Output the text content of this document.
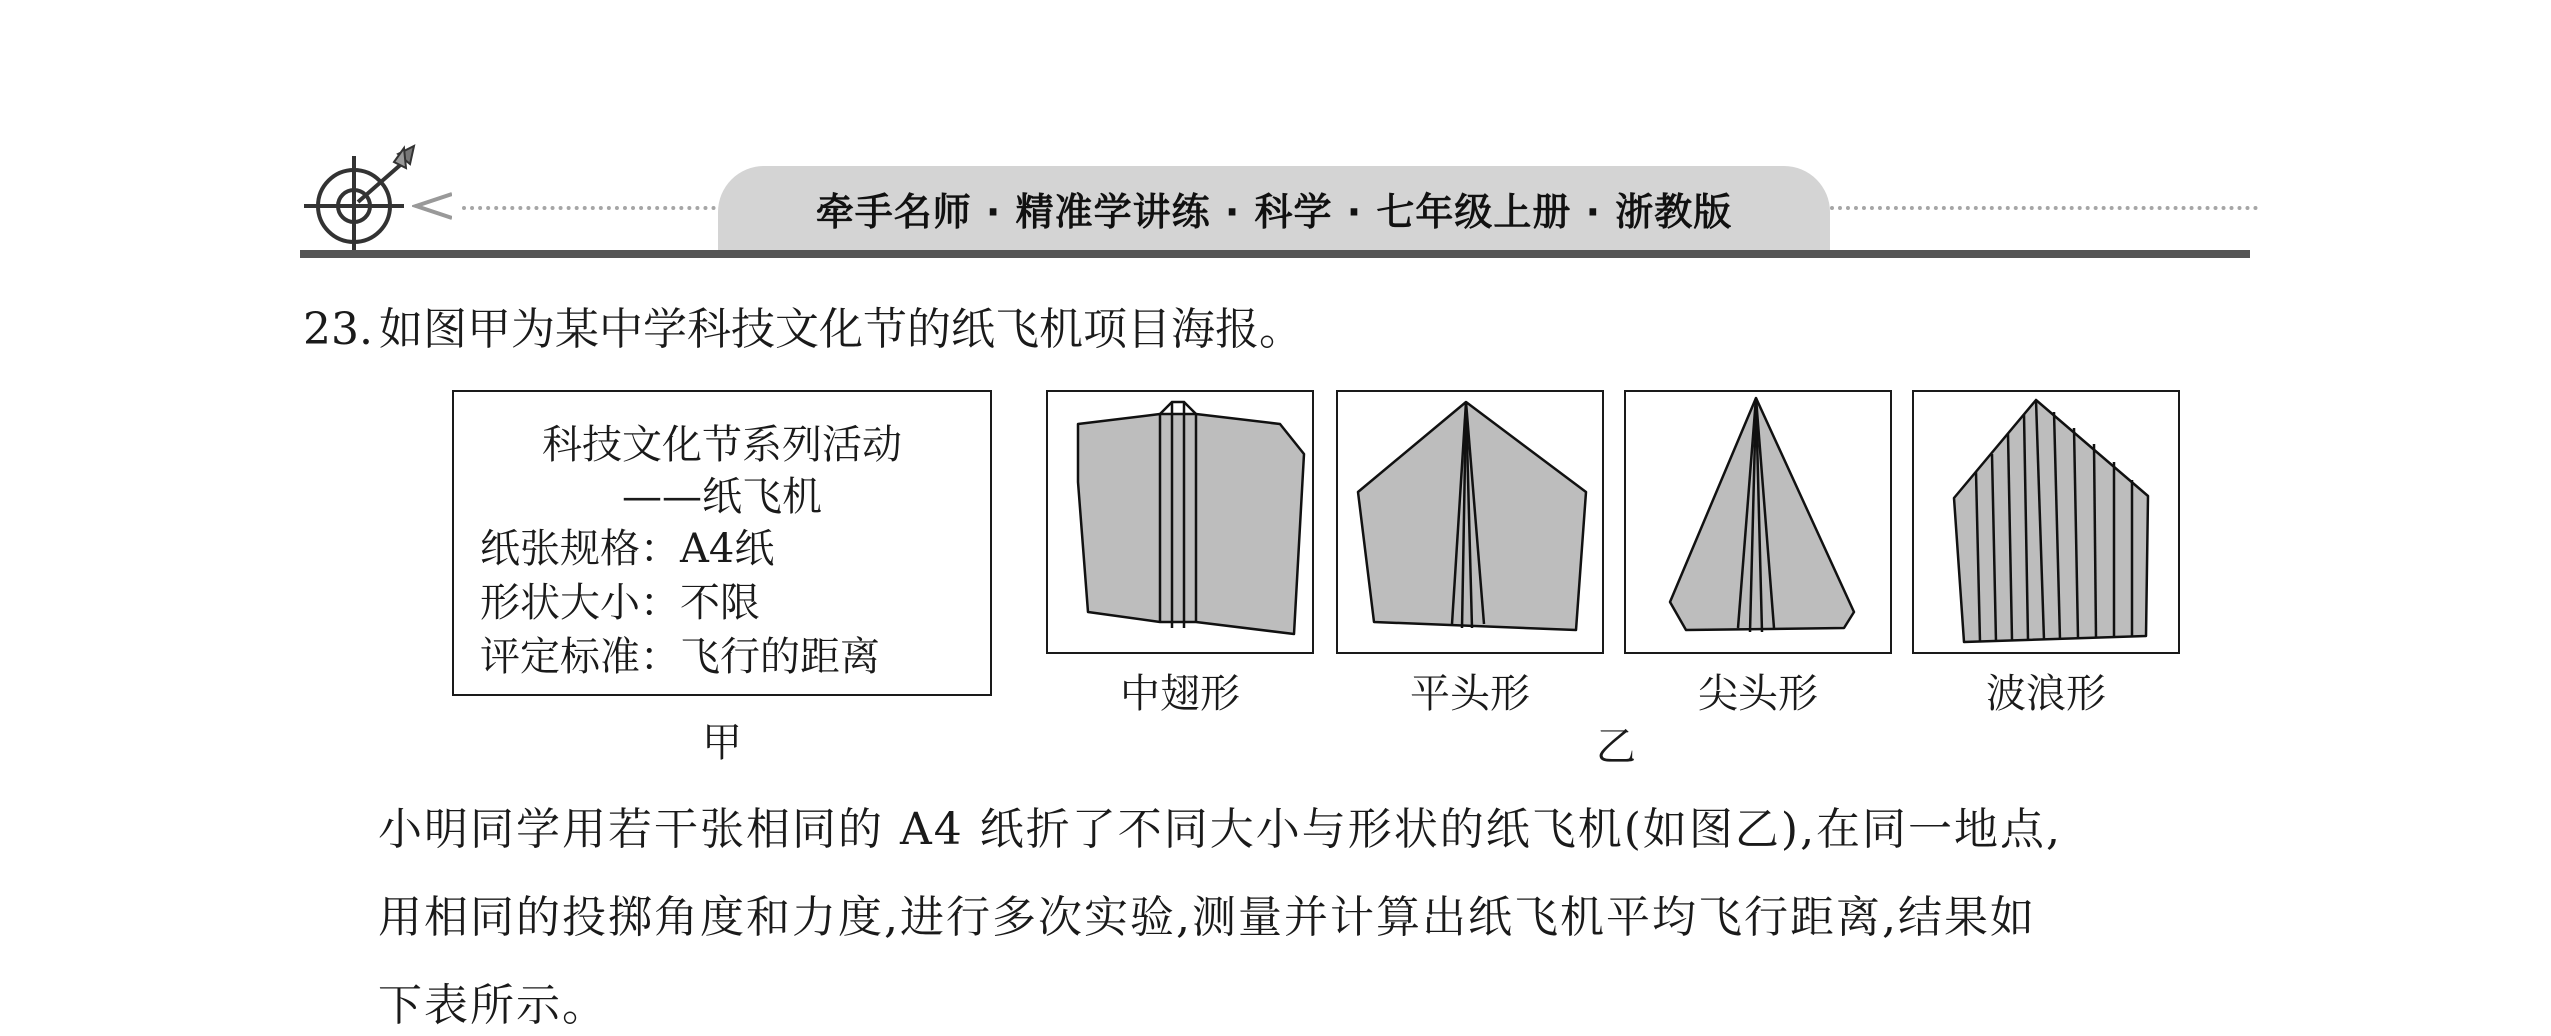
牵手名师 · 精准学讲练 · 科学 · 七年级上册 · 浙教版
23. 如图甲为某中学科技文化节的纸飞机项目海报。
科技文化节系列活动
——纸飞机
纸张规格：A4纸
形状大小：不限
评定标准：飞行的距离
甲
中翅形	平头形	尖头形	波浪形
乙
小明同学用若干张相同的 A4 纸折了不同大小与形状的纸飞机(如图乙),在同一地点,
用相同的投掷角度和力度,进行多次实验,测量并计算出纸飞机平均飞行距离,结果如
下表所示。
